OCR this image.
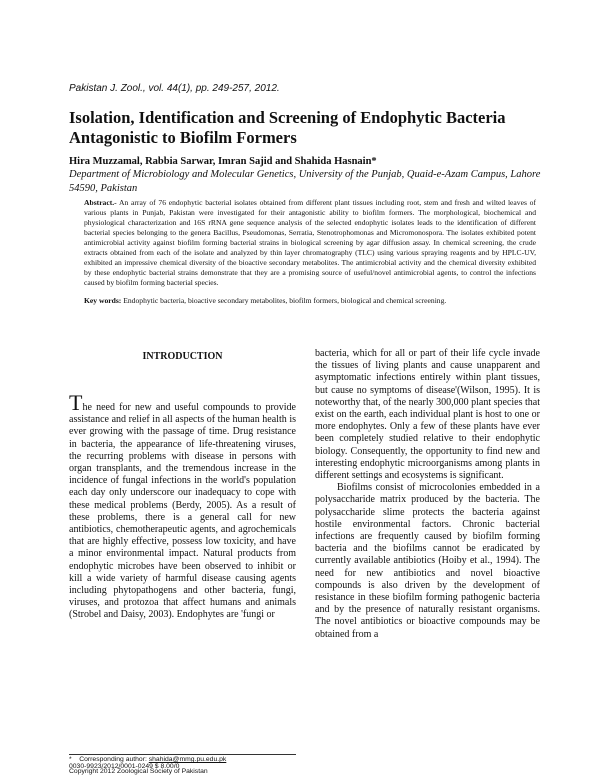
Pakistan J. Zool., vol. 44(1), pp. 249-257, 2012.
Isolation, Identification and Screening of Endophytic Bacteria Antagonistic to Biofilm Formers
Hira Muzzamal, Rabbia Sarwar, Imran Sajid and Shahida Hasnain*
Department of Microbiology and Molecular Genetics, University of the Punjab, Quaid-e-Azam Campus, Lahore 54590, Pakistan
Abstract.- An array of 76 endophytic bacterial isolates obtained from different plant tissues including root, stem and fresh and wilted leaves of various plants in Punjab, Pakistan were investigated for their antagonistic ability to biofilm formers. The morphological, biochemical and physiological characterization and 16S rRNA gene sequence analysis of the selected endophytic isolates leads to the identification of different bacterial species belonging to the genera Bacillus, Pseudomonas, Serratia, Stenotrophomonas and Micromonospora. The isolates exhibited potent antimicrobial activity against biofilm forming bacterial strains in biological screening by agar diffusion assay. In chemical screening, the crude extracts obtained from each of the isolate and analyzed by thin layer chromatography (TLC) using various spraying reagents and by HPLC-UV, exhibited an impressive chemical diversity of the bioactive secondary metabolites. The antimicrobial activity and the chemical diversity exhibited by these endophytic bacterial strains demonstrate that they are a promising source of useful/novel antimicrobial agents, to control the infections caused by biofilm forming bacterial species.
Key words: Endophytic bacteria, bioactive secondary metabolites, biofilm formers, biological and chemical screening.
INTRODUCTION

The need for new and useful compounds to provide assistance and relief in all aspects of the human health is ever growing with the passage of time. Drug resistance in bacteria, the appearance of life-threatening viruses, the recurring problems with disease in persons with organ transplants, and the tremendous increase in the incidence of fungal infections in the world's population each day only underscore our inadequacy to cope with these medical problems (Berdy, 2005). As a result of these problems, there is a general call for new antibiotics, chemotherapeutic agents, and agrochemicals that are highly effective, possess low toxicity, and have a minor environmental impact. Natural products from endophytic microbes have been observed to inhibit or kill a wide variety of harmful disease causing agents including phytopathogens and other bacteria, fungi, viruses, and protozoa that affect humans and animals (Strobel and Daisy, 2003). Endophytes are 'fungi or

bacteria, which for all or part of their life cycle invade the tissues of living plants and cause unapparent and asymptomatic infections entirely within plant tissues, but cause no symptoms of disease'(Wilson, 1995). It is noteworthy that, of the nearly 300,000 plant species that exist on the earth, each individual plant is host to one or more endophytes. Only a few of these plants have ever been completely studied relative to their endophytic biology. Consequently, the opportunity to find new and interesting endophytic microorganisms among plants in different settings and ecosystems is significant.

Biofilms consist of microcolonies embedded in a polysaccharide matrix produced by the bacteria. The polysaccharide slime protects the bacteria against hostile environmental factors. Chronic bacterial infections are frequently caused by biofilm forming bacteria and the biofilms cannot be eradicated by currently available antibiotics (Hoiby et al., 1994). The need for new antibiotics and novel bioactive compounds is also driven by the development of resistance in these biofilm forming pathogenic bacteria and by the presence of naturally resistant organisms. The novel antibiotics or bioactive compounds may be obtained from a

* Corresponding author: shahida@mmg.pu.edu.pk
0030-9923/2012/0001-0249 $ 8.00/0
Copyright 2012 Zoological Society of Pakistan
